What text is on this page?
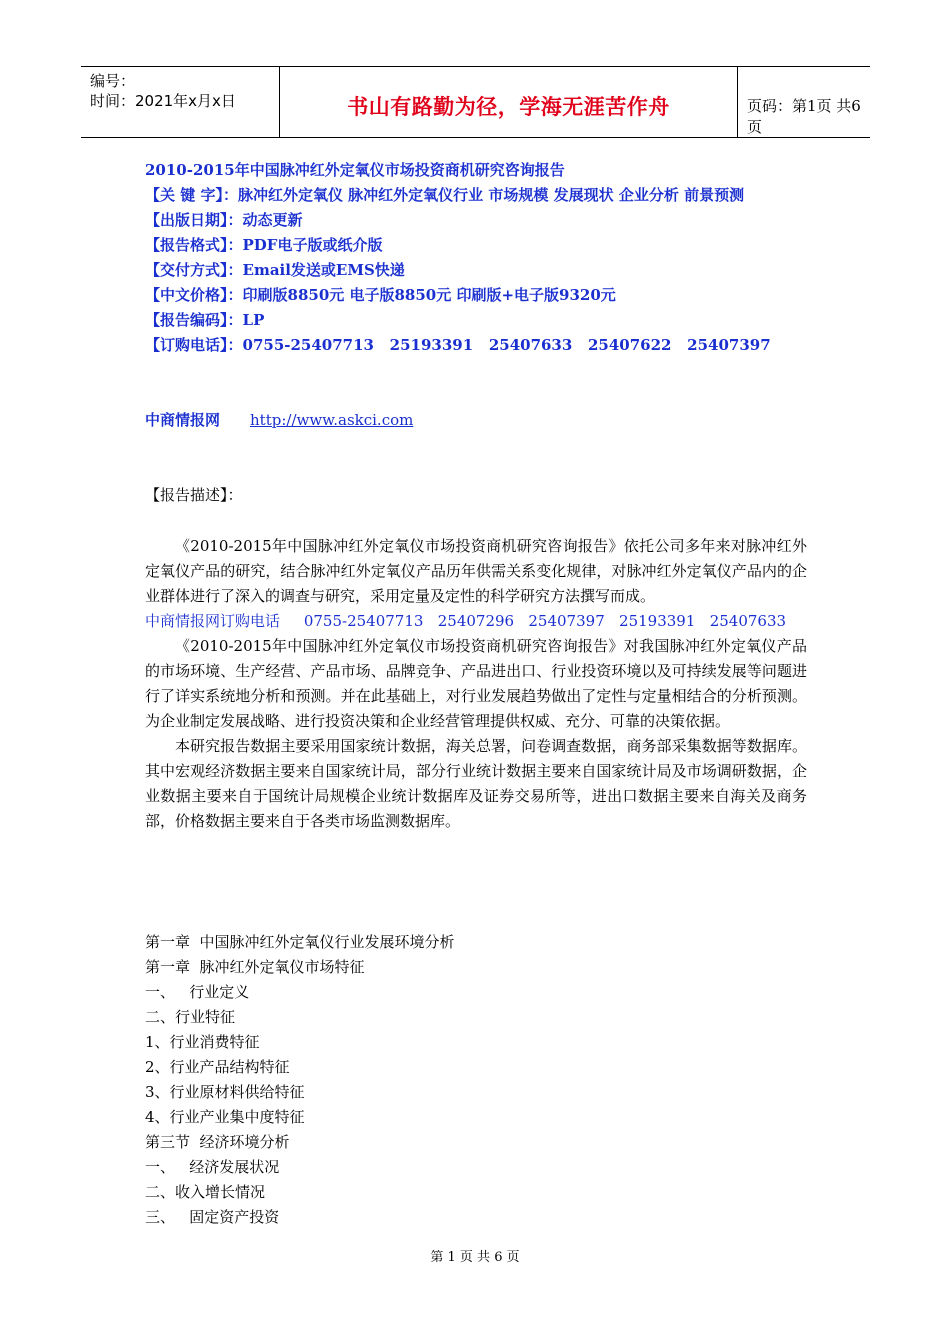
编号：
时间：2021年x月x日	书山有路勤为径，学海无涯苦作舟	页码：第1页 共6页
2010-2015年中国脉冲红外定氧仪市场投资商机研究咨询报告
【关 键 字】：脉冲红外定氧仪 脉冲红外定氧仪行业 市场规模 发展现状 企业分析 前景预测
【出版日期】：动态更新
【报告格式】：PDF电子版或纸介版
【交付方式】：Email发送或EMS快递
【中文价格】：印刷版8850元 电子版8850元 印刷版+电子版9320元
【报告编码】：LP
【订购电话】：0755-25407713   25193391   25407633   25407622   25407397
中商情报网 http://www.askci.com
【报告描述】：

《2010-2015年中国脉冲红外定氧仪市场投资商机研究咨询报告》依托公司多年来对脉冲红外定氧仪产品的研究，结合脉冲红外定氧仪产品历年供需关系变化规律，对脉冲红外定氧仪产品内的企业群体进行了深入的调查与研究，采用定量及定性的科学研究方法撰写而成。

中商情报网订购电话     0755-25407713   25407296   25407397   25193391   25407633

《2010-2015年中国脉冲红外定氧仪市场投资商机研究咨询报告》对我国脉冲红外定氧仪产品的市场环境、生产经营、产品市场、品牌竞争、产品进出口、行业投资环境以及可持续发展等问题进行了详实系统地分析和预测。并在此基础上，对行业发展趋势做出了定性与定量相结合的分析预测。为企业制定发展战略、进行投资决策和企业经营管理提供权威、充分、可靠的决策依据。

本研究报告数据主要采用国家统计数据，海关总署，问卷调查数据，商务部采集数据等数据库。其中宏观经济数据主要来自国家统计局，部分行业统计数据主要来自国家统计局及市场调研数据，企业数据主要来自于国统计局规模企业统计数据库及证券交易所等，进出口数据主要来自海关及商务部，价格数据主要来自于各类市场监测数据库。

第一章  中国脉冲红外定氧仪行业发展环境分析
第一章  脉冲红外定氧仪市场特征
一、   行业定义
二、行业特征
1、行业消费特征
2、行业产品结构特征
3、行业原材料供给特征
4、行业产业集中度特征
第三节  经济环境分析
一、   经济发展状况
二、收入增长情况
三、   固定资产投资
第 1 页 共 6 页
